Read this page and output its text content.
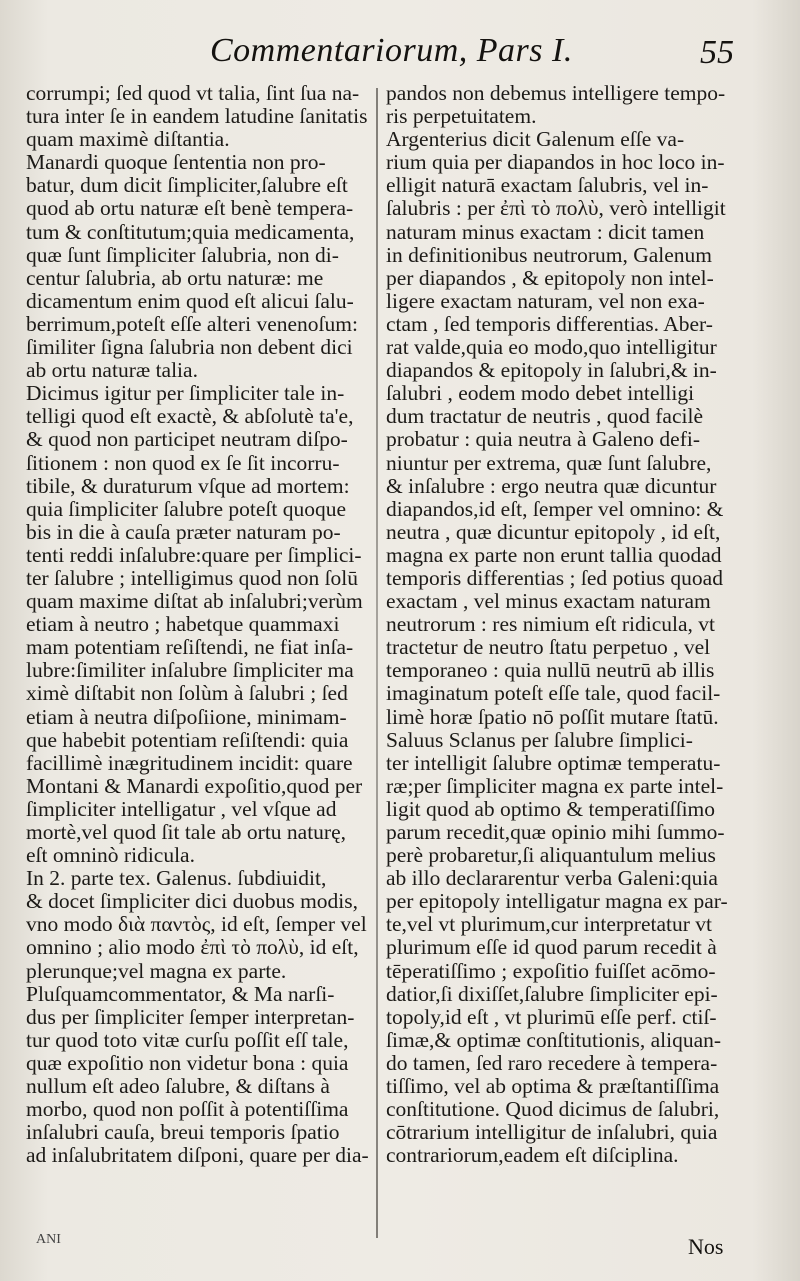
Commentariorum, Pars I.	55
corrumpi; ſed quod vt talia, ſint ſua na-
tura inter ſe in eandem latudine ſanitatis
quam maximè diſtantia.
Manardi quoque ſententia non pro-
batur, dum dicit ſimpliciter,ſalubre eſt
quod ab ortu naturæ eſt benè tempera-
tum & conſtitutum;quia medicamenta,
quæ ſunt ſimpliciter ſalubria, non di-
centur ſalubria, ab ortu naturæ: me
dicamentum enim quod eſt alicui ſalu-
berrimum,poteſt eſſe alteri venenoſum:
ſimiliter ſigna ſalubria non debent dici
ab ortu naturæ talia.
Dicimus igitur per ſimpliciter tale in-
telligi quod eſt exactè, & abſolutè ta'e,
& quod non participet neutram diſpo-
ſitionem : non quod ex ſe ſit incorru-
tibile, & duraturum vſque ad mortem:
quia ſimpliciter ſalubre poteſt quoque
bis in die à cauſa præter naturam po-
tenti reddi inſalubre:quare per ſimplici-
ter ſalubre ; intelligimus quod non ſolū
quam maxime diſtat ab inſalubri;verùm
etiam à neutro ; habetque quammaxi
mam potentiam reſiſtendi, ne fiat inſa-
lubre:ſimiliter inſalubre ſimpliciter ma
ximè diſtabit non ſolùm à ſalubri ; ſed
etiam à neutra diſpoſiione, minimam-
que habebit potentiam reſiſtendi: quia
facillimè inægritudinem incidit: quare
Montani & Manardi expoſitio,quod per
ſimpliciter intelligatur , vel vſque ad
mortè,vel quod ſit tale ab ortu naturę,
eſt omninò ridicula.
In 2. parte tex. Galenus. ſubdiuidit,
& docet ſimpliciter dici duobus modis,
vno modo διὰ παντὸς, id eſt, ſemper vel
omnino ; alio modo ἐπὶ τὸ πολὺ, id eſt,
plerunque;vel magna ex parte.
Pluſquamcommentator, & Ma narſi-
dus per ſimpliciter ſemper interpretan-
tur quod toto vitæ curſu poſſit eſſ tale,
quæ expoſitio non videtur bona : quia
nullum eſt adeo ſalubre, & diſtans à
morbo, quod non poſſit à potentiſſima
inſalubri cauſa, breui temporis ſpatio
ad inſalubritatem diſponi, quare per dia-
pandos non debemus intelligere tempo-
ris perpetuitatem.
Argenterius dicit Galenum eſſe va-
rium quia per diapandos in hoc loco in-
elligit naturā exactam ſalubris, vel in-
ſalubris : per ἐπὶ τὸ πολὺ, verò intelligit
naturam minus exactam : dicit tamen
in definitionibus neutrorum, Galenum
per diapandos , & epitopoly non intel-
ligere exactam naturam, vel non exa-
ctam , ſed temporis differentias. Aber-
rat valde,quia eo modo,quo intelligitur
diapandos & epitopoly in ſalubri,& in-
ſalubri , eodem modo debet intelligi
dum tractatur de neutris , quod facilè
probatur : quia neutra à Galeno defi-
niuntur per extrema, quæ ſunt ſalubre,
& inſalubre : ergo neutra quæ dicuntur
diapandos,id eſt, ſemper vel omnino: &
neutra , quæ dicuntur epitopoly , id eſt,
magna ex parte non erunt tallia quodad
temporis differentias ; ſed potius quoad
exactam , vel minus exactam naturam
neutrorum : res nimium eſt ridicula, vt
tractetur de neutro ſtatu perpetuo , vel
temporaneo : quia nullū neutrū ab illis
imaginatum poteſt eſſe tale, quod facil-
limè horæ ſpatio nō poſſit mutare ſtatū.
Saluus Sclanus per ſalubre ſimplici-
ter intelligit ſalubre optimæ temperatu-
ræ;per ſimpliciter magna ex parte intel-
ligit quod ab optimo & temperatiſſimo
parum recedit,quæ opinio mihi ſummo-
perè probaretur,ſi aliquantulum melius
ab illo declararentur verba Galeni:quia
per epitopoly intelligatur magna ex par-
te,vel vt plurimum,cur interpretatur vt
plurimum eſſe id quod parum recedit à
tēperatiſſimo ; expoſitio fuiſſet acōmo-
datior,ſi dixiſſet,ſalubre ſimpliciter epi-
topoly,id eſt , vt plurimū eſſe perf. ctiſ-
ſimæ,& optimæ conſtitutionis, aliquan-
do tamen, ſed raro recedere à tempera-
tiſſimo, vel ab optima & præſtantiſſima
conſtitutione. Quod dicimus de ſalubri,
cōtrarium intelligitur de inſalubri, quia
contrariorum,eadem eſt diſciplina.
ANI	Nos
